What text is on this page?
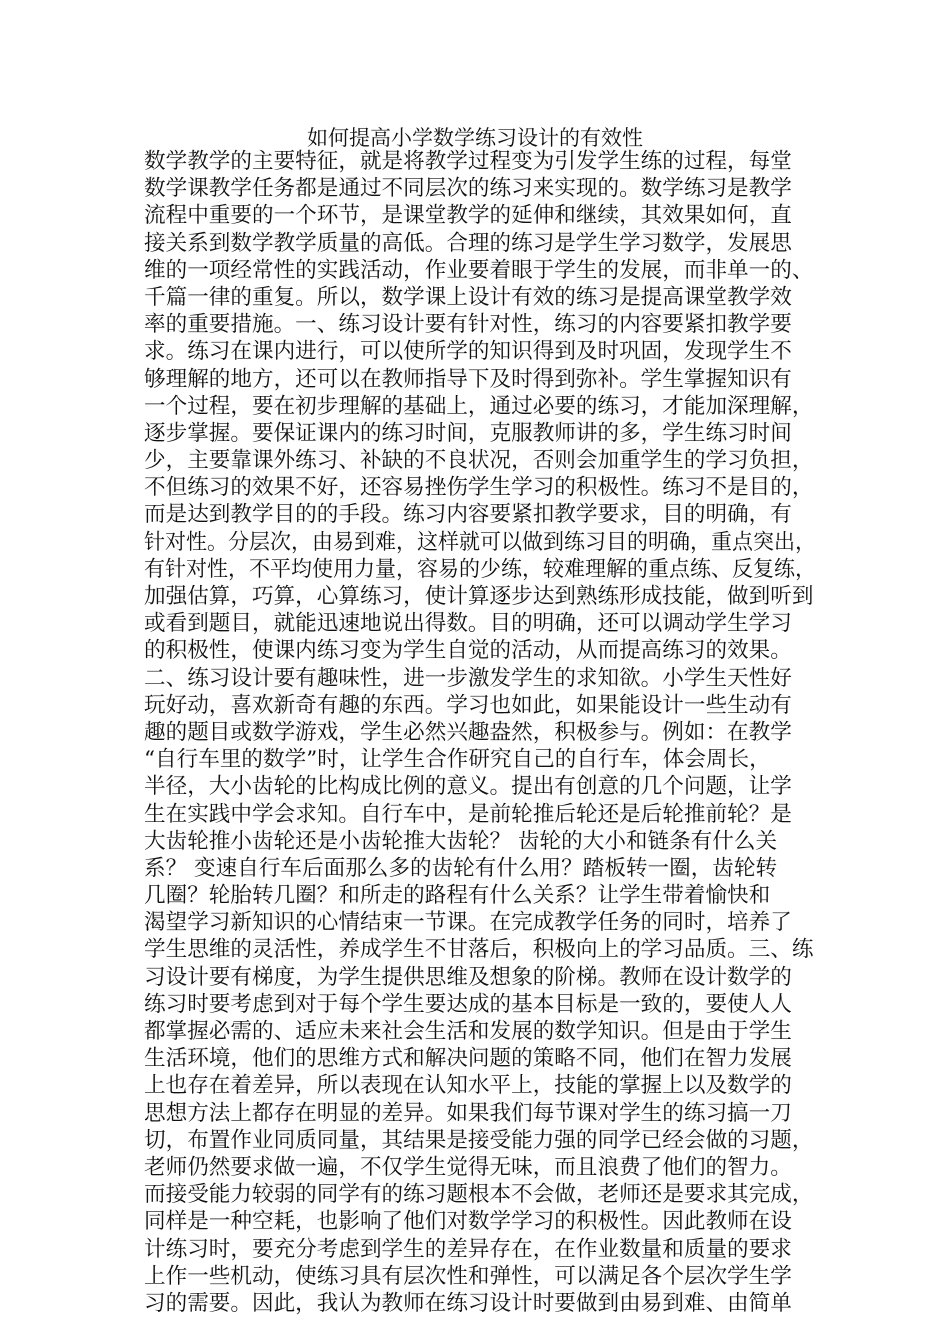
如何提高小学数学练习设计的有效性
数学教学的主要特征，就是将教学过程变为引发学生练的过程，每堂
数学课教学任务都是通过不同层次的练习来实现的。数学练习是教学
流程中重要的一个环节，是课堂教学的延伸和继续，其效果如何，直
接关系到数学教学质量的高低。合理的练习是学生学习数学，发展思
维的一项经常性的实践活动，作业要着眼于学生的发展，而非单一的、
千篇一律的重复。所以，数学课上设计有效的练习是提高课堂教学效
率的重要措施。一、练习设计要有针对性，练习的内容要紧扣教学要
求。练习在课内进行，可以使所学的知识得到及时巩固，发现学生不
够理解的地方，还可以在教师指导下及时得到弥补。学生掌握知识有
一个过程，要在初步理解的基础上，通过必要的练习，才能加深理解，
逐步掌握。要保证课内的练习时间，克服教师讲的多，学生练习时间
少，主要靠课外练习、补缺的不良状况，否则会加重学生的学习负担，
不但练习的效果不好，还容易挫伤学生学习的积极性。练习不是目的，
而是达到教学目的的手段。练习内容要紧扣教学要求，目的明确，有
针对性。分层次，由易到难，这样就可以做到练习目的明确，重点突出，
有针对性，不平均使用力量，容易的少练，较难理解的重点练、反复练，
加强估算，巧算，心算练习，使计算逐步达到熟练形成技能，做到听到
或看到题目，就能迅速地说出得数。目的明确，还可以调动学生学习
的积极性，使课内练习变为学生自觉的活动，从而提高练习的效果。
二、练习设计要有趣味性，进一步激发学生的求知欲。小学生天性好
玩好动，喜欢新奇有趣的东西。学习也如此，如果能设计一些生动有
趣的题目或数学游戏，学生必然兴趣盎然，积极参与。例如：在教学
“自行车里的数学”时，让学生合作研究自己的自行车，体会周长，
半径，大小齿轮的比构成比例的意义。提出有创意的几个问题，让学
生在实践中学会求知。自行车中，是前轮推后轮还是后轮推前轮？是
大齿轮推小齿轮还是小齿轮推大齿轮？ 齿轮的大小和链条有什么关
系？ 变速自行车后面那么多的齿轮有什么用？踏板转一圈，齿轮转
几圈？轮胎转几圈？和所走的路程有什么关系？让学生带着愉快和
渴望学习新知识的心情结束一节课。在完成教学任务的同时，培养了
学生思维的灵活性，养成学生不甘落后，积极向上的学习品质。三、练
习设计要有梯度，为学生提供思维及想象的阶梯。教师在设计数学的
练习时要考虑到对于每个学生要达成的基本目标是一致的，要使人人
都掌握必需的、适应未来社会生活和发展的数学知识。但是由于学生
生活环境，他们的思维方式和解决问题的策略不同，他们在智力发展
上也存在着差异，所以表现在认知水平上，技能的掌握上以及数学的
思想方法上都存在明显的差异。如果我们每节课对学生的练习搞一刀
切，布置作业同质同量，其结果是接受能力强的同学已经会做的习题，
老师仍然要求做一遍，不仅学生觉得无味，而且浪费了他们的智力。
而接受能力较弱的同学有的练习题根本不会做，老师还是要求其完成，
同样是一种空耗，也影响了他们对数学学习的积极性。因此教师在设
计练习时，要充分考虑到学生的差异存在，在作业数量和质量的要求
上作一些机动，使练习具有层次性和弹性，可以满足各个层次学生学
习的需要。因此，我认为教师在练习设计时要做到由易到难、由简单
